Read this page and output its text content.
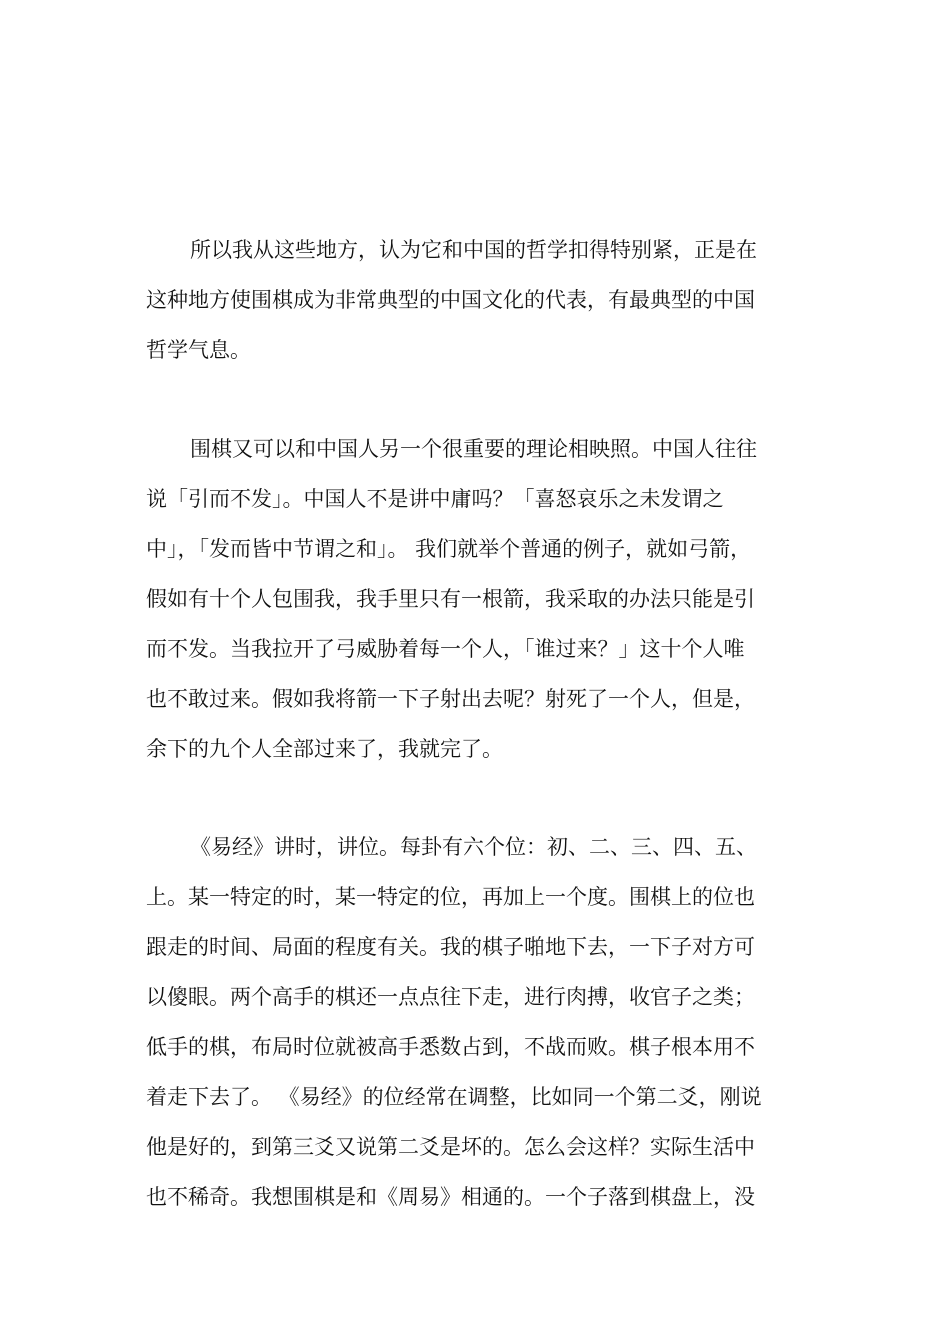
所以我从这些地方，认为它和中国的哲学扣得特别紧，正是在
这种地方使围棋成为非常典型的中国文化的代表，有最典型的中国
哲学气息。
围棋又可以和中国人另一个很重要的理论相映照。中国人往往
说「引而不发」。中国人不是讲中庸吗？「喜怒哀乐之未发谓之
中」，「发而皆中节谓之和」。 我们就举个普通的例子，就如弓箭，
假如有十个人包围我，我手里只有一根箭，我采取的办法只能是引
而不发。当我拉开了弓威胁着每一个人，「谁过来？」这十个人唯
也不敢过来。假如我将箭一下子射出去呢？射死了一个人，但是，
余下的九个人全部过来了，我就完了。
《易经》讲时，讲位。每卦有六个位：初、二、三、四、五、
上。某一特定的时，某一特定的位，再加上一个度。围棋上的位也
跟走的时间、局面的程度有关。我的棋子啪地下去，一下子对方可
以傻眼。两个高手的棋还一点点往下走，进行肉搏，收官子之类；
低手的棋，布局时位就被高手悉数占到，不战而败。棋子根本用不
着走下去了。 《易经》的位经常在调整，比如同一个第二爻，刚说
他是好的，到第三爻又说第二爻是坏的。怎么会这样？实际生活中
也不稀奇。我想围棋是和《周易》相通的。一个子落到棋盘上，没
